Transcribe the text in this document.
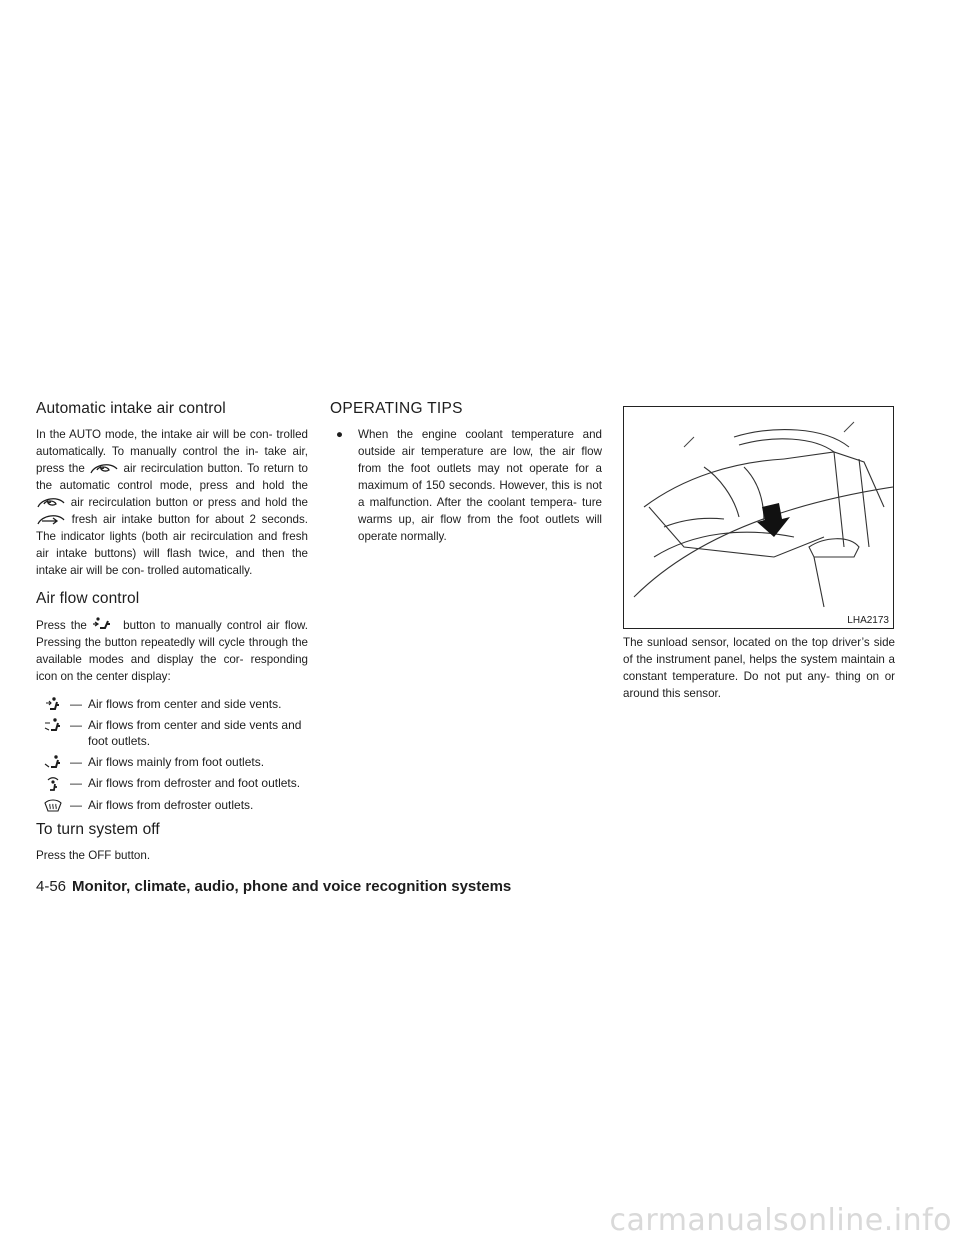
Automatic intake air control

In the AUTO mode, the intake air will be con- trolled automatically. To manually control the in- take air, press the	air recirculation button. To return to the automatic control mode, press and hold the
air recirculation button or press and hold the
fresh air intake button for about 2 seconds. The indicator lights (both air recirculation and fresh air intake buttons) will flash twice, and then the intake air will be con- trolled automatically.

Air flow control

Press the	button to manually control air flow. Pressing the button repeatedly will cycle through the available modes and display the cor- responding icon on the center display:

— Air flows from center and side vents.
— Air flows from center and side vents and foot outlets.
— Air flows mainly from foot outlets.
— Air flows from defroster and foot outlets.
— Air flows from defroster outlets.
To turn system off

Press the OFF button.

OPERATING TIPS
●	When the engine coolant temperature and outside air temperature are low, the air flow from the foot outlets may not operate for a maximum of 150 seconds. However, this is not a malfunction. After the coolant tempera- ture warms up, air flow from the foot outlets will operate normally.
LHA2173

The sunload sensor, located on the top driver’s side of the instrument panel, helps the system maintain a constant temperature. Do not put any- thing on or around this sensor.

4-56 Monitor, climate, audio, phone and voice recognition systems
carmanualsonline.info
